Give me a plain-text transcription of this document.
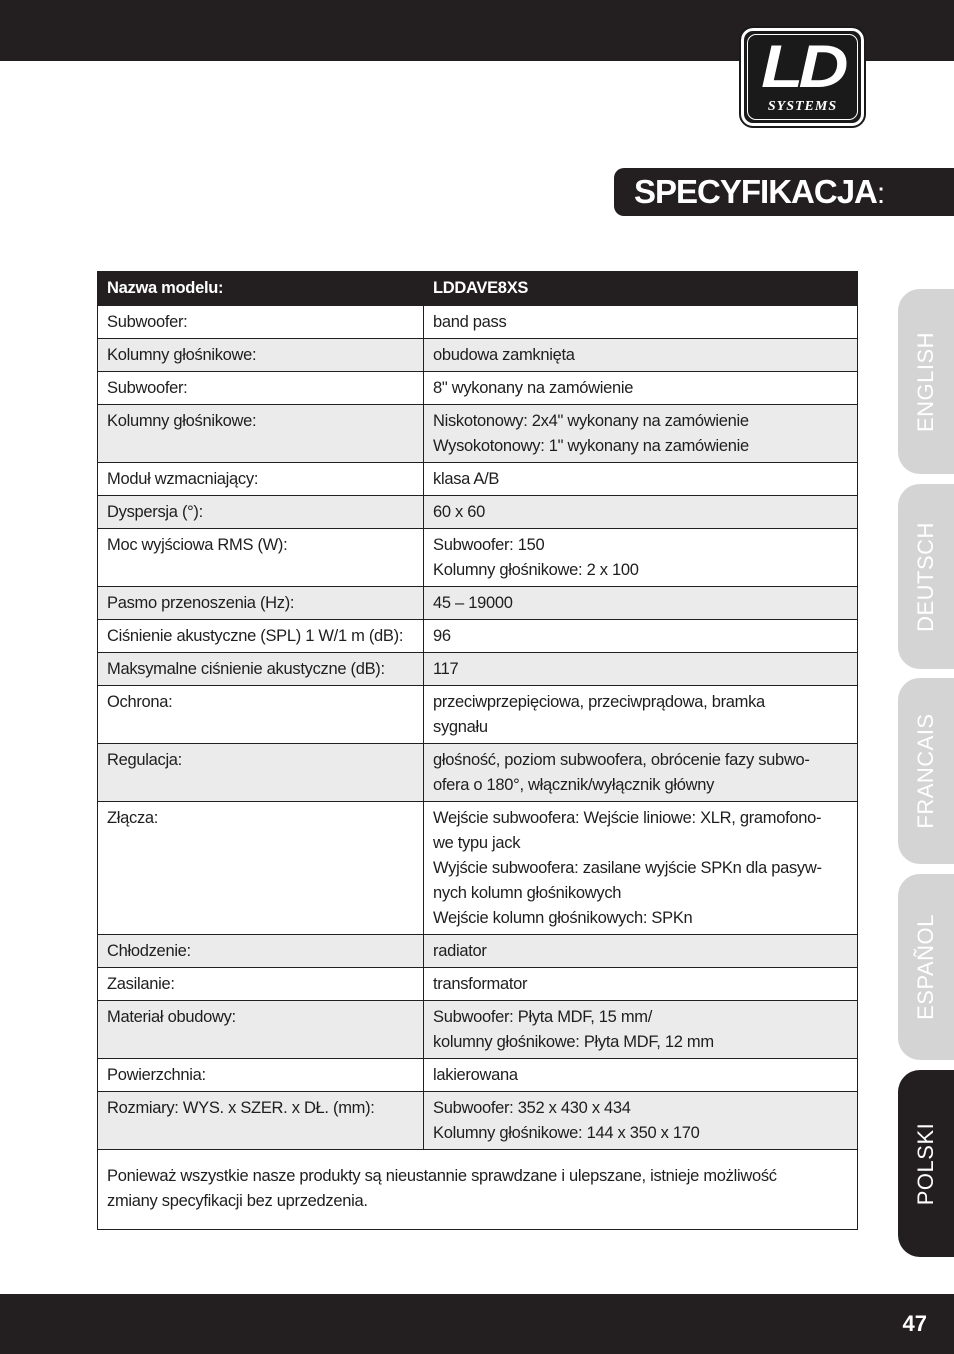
LD
SYSTEMS
SPECYFIKACJA:
Nazwa modelu:	LDDAVE8XS
Subwoofer:	band pass

Kolumny głośnikowe:	obudowa zamknięta

Subwoofer:	8" wykonany na zamówienie

Kolumny głośnikowe:	Niskotonowy: 2x4" wykonany na zamówienie
Wysokotonowy: 1" wykonany na zamówienie

Moduł wzmacniający:	klasa A/B

Dyspersja (°):	60 x 60

Moc wyjściowa RMS (W):	Subwoofer: 150
Kolumny głośnikowe: 2 x 100

Pasmo przenoszenia (Hz):	45 – 19000

Ciśnienie akustyczne (SPL) 1 W/1 m (dB):	96

Maksymalne ciśnienie akustyczne (dB):	117

Ochrona:	przeciwprzepięciowa, przeciwprądowa, bramka
sygnału

Regulacja:	głośność, poziom subwoofera, obrócenie fazy subwo-
ofera o 180°, włącznik/wyłącznik główny

Złącza:	Wejście subwoofera: Wejście liniowe: XLR, gramofono-
we typu jack
Wyjście subwoofera: zasilane wyjście SPKn dla pasyw-
nych kolumn głośnikowych
Wejście kolumn głośnikowych: SPKn

Chłodzenie:	radiator

Zasilanie:	transformator

Materiał obudowy:	Subwoofer: Płyta MDF, 15 mm/
kolumny głośnikowe: Płyta MDF, 12 mm

Powierzchnia:	lakierowana

Rozmiary: WYS. x SZER. x DŁ. (mm):	Subwoofer: 352 x 430 x 434
Kolumny głośnikowe: 144 x 350 x 170

Ponieważ wszystkie nasze produkty są nieustannie sprawdzane i ulepszane, istnieje możliwość
zmiany specyfikacji bez uprzedzenia.	
ENGLISH
DEUTSCH
FRANCAIS
ESPAÑOL
POLSKI
47
